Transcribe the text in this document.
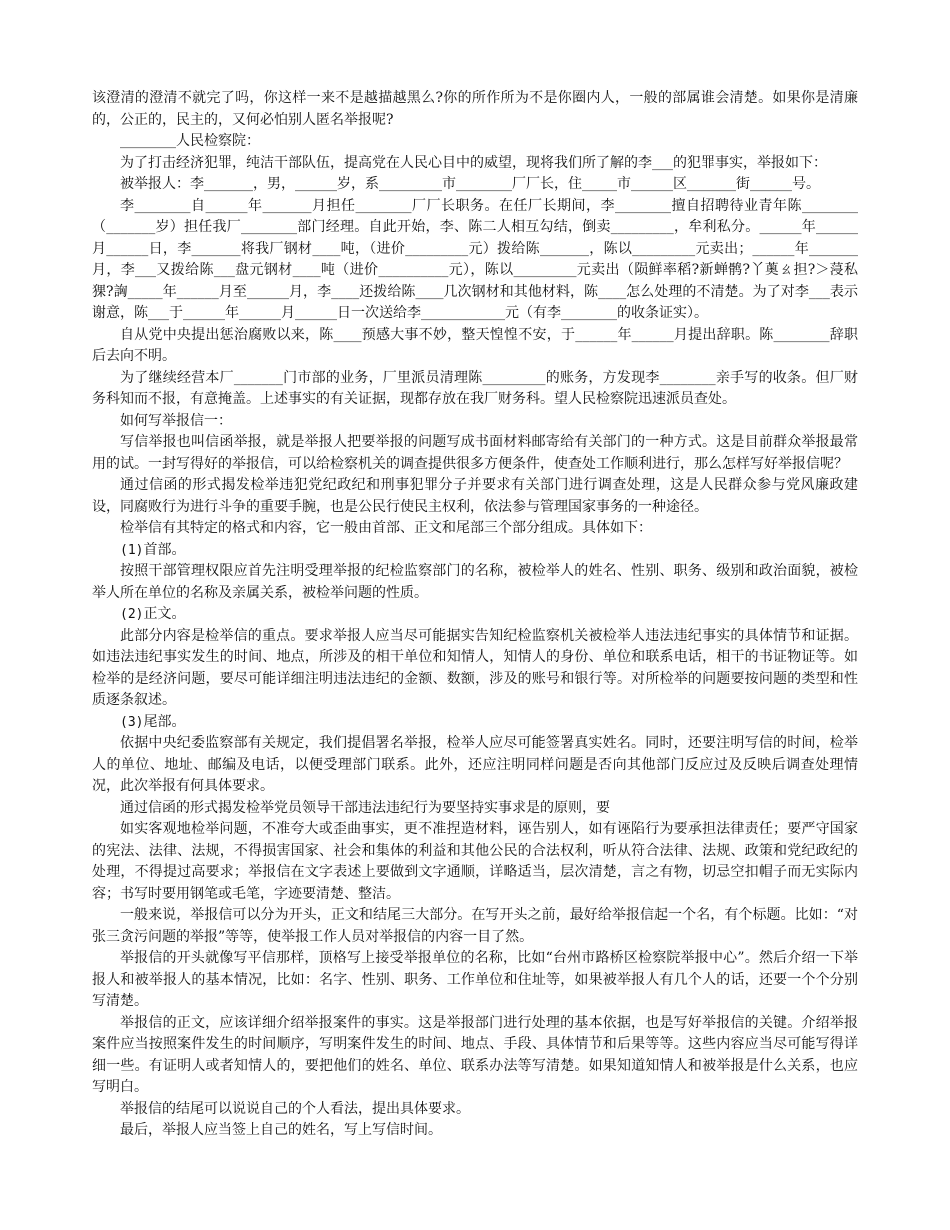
该澄清的澄清不就完了吗，你这样一来不是越描越黑么?你的所作所为不是你圈内人，一般的部属谁会清楚。如果你是清廉的，公正的，民主的，又何必怕别人匿名举报呢?

________人民检察院：

为了打击经济犯罪，纯洁干部队伍，提高党在人民心目中的威望，现将我们所了解的李___的犯罪事实，举报如下：

被举报人：李_______，男，______岁，系_________市________厂厂长，住_____市______区_______街______号。

李________自______年_______月担任________厂厂长职务。在任厂长期间，李________擅自招聘待业青年陈________（_______岁）担任我厂________部门经理。自此开始，李、陈二人相互勾结，倒卖_________，牟利私分。______年______月______日，李_______将我厂钢材____吨，（进价_________元）拨给陈_______，陈以_________元卖出；______年_______月，李___又拨给陈___盘元钢材____吨（进价__________元），陈以_________元卖出（陨鲜率稻?新蝉鹘?丫薁ㄠ担?＞蓡私猓?詾_____年______月至______月，李____还拨给陈____几次钢材和其他材料，陈____怎么处理的不清楚。为了对李___表示谢意，陈___于______年______月______日一次送给李____________元（有李________的收条证实）。

自从党中央提出惩治腐败以来，陈____预感大事不妙，整天惶惶不安，于______年______月提出辞职。陈________辞职后去向不明。

为了继续经营本厂_______门市部的业务，厂里派员清理陈_________的账务，方发现李________亲手写的收条。但厂财务科知而不报，有意掩盖。上述事实的有关证据，现都存放在我厂财务科。望人民检察院迅速派员查处。

如何写举报信一：

写信举报也叫信函举报，就是举报人把要举报的问题写成书面材料邮寄给有关部门的一种方式。这是目前群众举报最常用的试。一封写得好的举报信，可以给检察机关的调查提供很多方便条件，使查处工作顺利进行，那么怎样写好举报信呢？

通过信函的形式揭发检举违犯党纪政纪和刑事犯罪分子并要求有关部门进行调查处理，这是人民群众参与党风廉政建设，同腐败行为进行斗争的重要手腕，也是公民行使民主权利，依法参与管理国家事务的一种途径。

检举信有其特定的格式和内容，它一般由首部、正文和尾部三个部分组成。具体如下：

(1)首部。

按照干部管理权限应首先注明受理举报的纪检监察部门的名称，被检举人的姓名、性别、职务、级别和政治面貌，被检举人所在单位的名称及亲属关系，被检举问题的性质。

(2)正文。

此部分内容是检举信的重点。要求举报人应当尽可能据实告知纪检监察机关被检举人违法违纪事实的具体情节和证据。如违法违纪事实发生的时间、地点，所涉及的相干单位和知情人，知情人的身份、单位和联系电话，相干的书证物证等。如检举的是经济问题，要尽可能详细注明违法违纪的金额、数额，涉及的账号和银行等。对所检举的问题要按问题的类型和性质逐条叙述。

(3)尾部。

依据中央纪委监察部有关规定，我们提倡署名举报，检举人应尽可能签署真实姓名。同时，还要注明写信的时间，检举人的单位、地址、邮编及电话，以便受理部门联系。此外，还应注明同样问题是否向其他部门反应过及反映后调查处理情况，此次举报有何具体要求。

通过信函的形式揭发检举党员领导干部违法违纪行为要坚持实事求是的原则，要

如实客观地检举问题，不准夸大或歪曲事实，更不准捏造材料，诬告别人，如有诬陷行为要承担法律责任；要严守国家的宪法、法律、法规，不得损害国家、社会和集体的利益和其他公民的合法权利，听从符合法律、法规、政策和党纪政纪的处理，不得提过高要求；举报信在文字表述上要做到文字通顺，详略适当，层次清楚，言之有物，切忌空扣帽子而无实际内容；书写时要用钢笔或毛笔，字迹要清楚、整洁。

一般来说，举报信可以分为开头，正文和结尾三大部分。在写开头之前，最好给举报信起一个名，有个标题。比如：“对张三贪污问题的举报”等等，使举报工作人员对举报信的内容一目了然。

举报信的开头就像写平信那样，顶格写上接受举报单位的名称，比如“台州市路桥区检察院举报中心”。然后介绍一下举报人和被举报人的基本情况，比如：名字、性别、职务、工作单位和住址等，如果被举报人有几个人的话，还要一个个分别写清楚。

举报信的正文，应该详细介绍举报案件的事实。这是举报部门进行处理的基本依据，也是写好举报信的关键。介绍举报案件应当按照案件发生的时间顺序，写明案件发生的时间、地点、手段、具体情节和后果等等。这些内容应当尽可能写得详细一些。有证明人或者知情人的，要把他们的姓名、单位、联系办法等写清楚。如果知道知情人和被举报是什么关系，也应写明白。

举报信的结尾可以说说自己的个人看法，提出具体要求。

最后，举报人应当签上自己的姓名，写上写信时间。
